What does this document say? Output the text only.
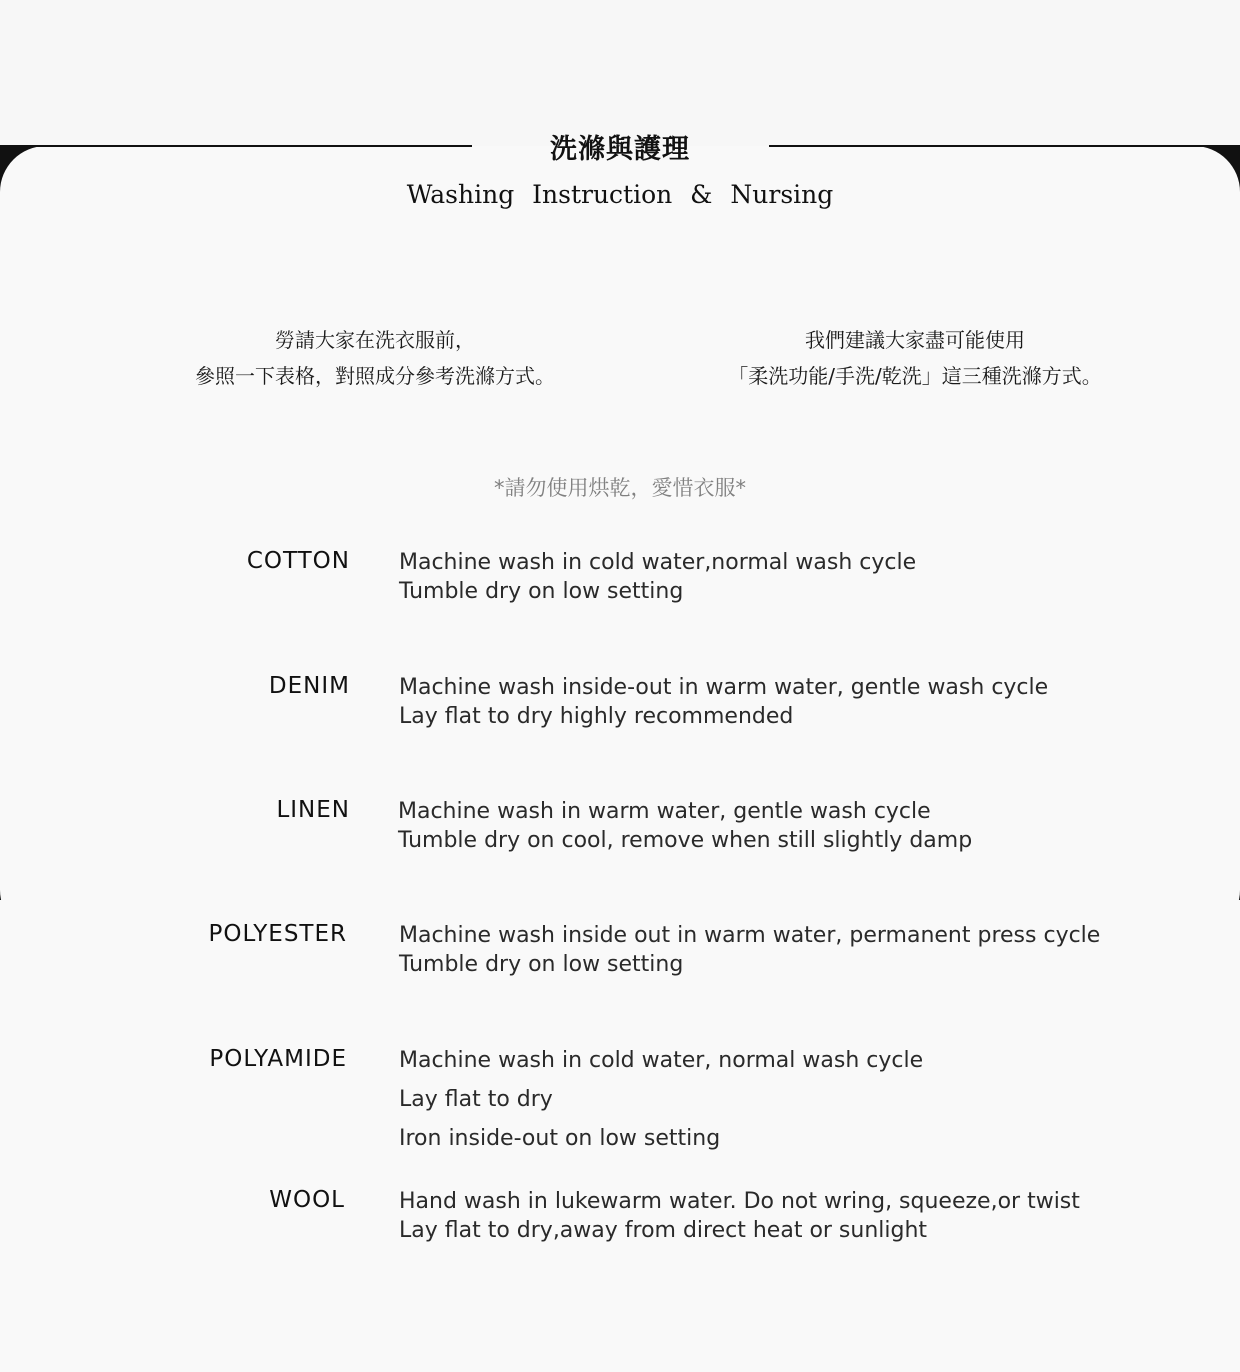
洗滌與護理
Washing Instruction & Nursing
勞請大家在洗衣服前，
參照一下表格，對照成分參考洗滌方式。
我們建議大家盡可能使用
「柔洗功能/手洗/乾洗」這三種洗滌方式。
*請勿使用烘乾，愛惜衣服*
COTTON Machine wash in cold water,normal wash cycle
Tumble dry on low setting
DENIM Machine wash inside-out in warm water, gentle wash cycle
Lay flat to dry highly recommended
LINEN Machine wash in warm water, gentle wash cycle
Tumble dry on cool, remove when still slightly damp
POLYESTER Machine wash inside out in warm water, permanent press cycle
Tumble dry on low setting
POLYAMIDE Machine wash in cold water, normal wash cycle
Lay flat to dry
Iron inside-out on low setting
WOOL Hand wash in lukewarm water. Do not wring, squeeze,or twist
Lay flat to dry,away from direct heat or sunlight
